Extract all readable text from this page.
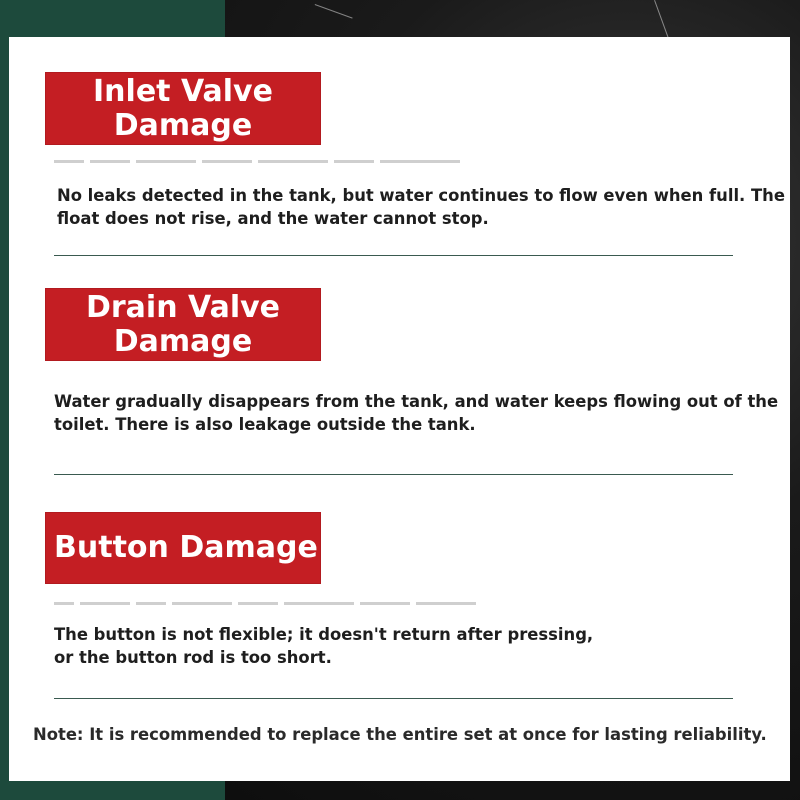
Inlet Valve Damage
No leaks detected in the tank, but water continues to flow even when full. The float does not rise, and the water cannot stop.
Drain Valve Damage
Water gradually disappears from the tank, and water keeps flowing out of the toilet. There is also leakage outside the tank.
Button Damage
The button is not flexible; it doesn't return after pressing, or the button rod is too short.
Note: It is recommended to replace the entire set at once for lasting reliability.
